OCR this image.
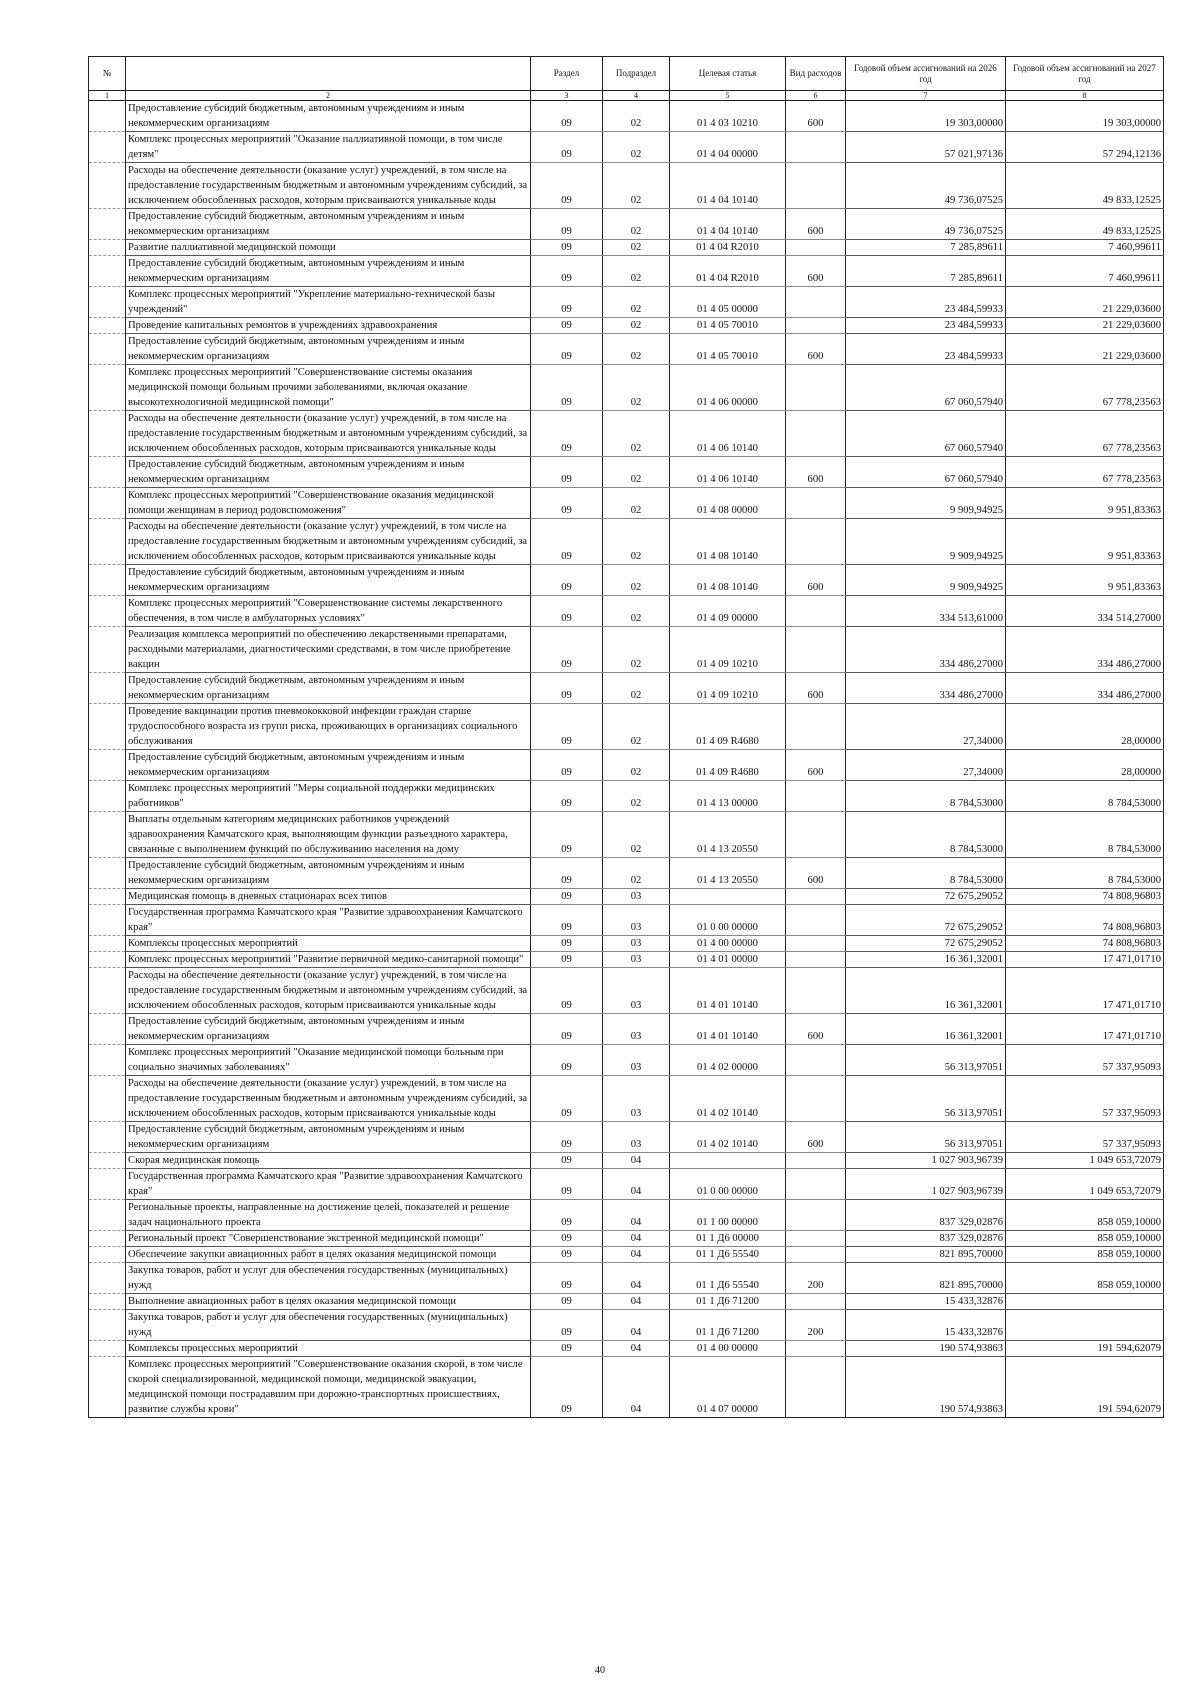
№		Раздел	Подраздел	Целевая статья	Вид расходов	Годовой объем ассигнований на 2026 год	Годовой объем ассигнований на 2027 год
1	2	3	4	5	6	7	8
	Предоставление субсидий бюджетным, автономным учреждениям и иным некоммерческим организациям	09	02	01 4 03 10210	600	19 303,00000	19 303,00000
	Комплекс процессных мероприятий "Оказание паллиативной помощи, в том числе детям"	09	02	01 4 04 00000		57 021,97136	57 294,12136
	Расходы на обеспечение деятельности (оказание услуг) учреждений, в том числе на предоставление государственным бюджетным и автономным учреждениям субсидий, за исключением обособленных расходов, которым присваиваются уникальные коды	09	02	01 4 04 10140		49 736,07525	49 833,12525
	Предоставление субсидий бюджетным, автономным учреждениям и иным некоммерческим организациям	09	02	01 4 04 10140	600	49 736,07525	49 833,12525
	Развитие паллиативной медицинской помощи	09	02	01 4 04 R2010		7 285,89611	7 460,99611
	Предоставление субсидий бюджетным, автономным учреждениям и иным некоммерческим организациям	09	02	01 4 04 R2010	600	7 285,89611	7 460,99611
	Комплекс процессных мероприятий "Укрепление материально-технической базы учреждений"	09	02	01 4 05 00000		23 484,59933	21 229,03600
	Проведение капитальных ремонтов в учреждениях здравоохранения	09	02	01 4 05 70010		23 484,59933	21 229,03600
	Предоставление субсидий бюджетным, автономным учреждениям и иным некоммерческим организациям	09	02	01 4 05 70010	600	23 484,59933	21 229,03600
	Комплекс процессных мероприятий "Совершенствование системы оказания медицинской помощи больным прочими заболеваниями, включая оказание высокотехнологичной медицинской помощи"	09	02	01 4 06 00000		67 060,57940	67 778,23563
	Расходы на обеспечение деятельности (оказание услуг) учреждений, в том числе на предоставление государственным бюджетным и автономным учреждениям субсидий, за исключением обособленных расходов, которым присваиваются уникальные коды	09	02	01 4 06 10140		67 060,57940	67 778,23563
	Предоставление субсидий бюджетным, автономным учреждениям и иным некоммерческим организациям	09	02	01 4 06 10140	600	67 060,57940	67 778,23563
	Комплекс процессных мероприятий "Совершенствование оказания медицинской помощи женщинам в период родовспоможения"	09	02	01 4 08 00000		9 909,94925	9 951,83363
	Расходы на обеспечение деятельности (оказание услуг) учреждений, в том числе на предоставление государственным бюджетным и автономным учреждениям субсидий, за исключением обособленных расходов, которым присваиваются уникальные коды	09	02	01 4 08 10140		9 909,94925	9 951,83363
	Предоставление субсидий бюджетным, автономным учреждениям и иным некоммерческим организациям	09	02	01 4 08 10140	600	9 909,94925	9 951,83363
	Комплекс процессных мероприятий "Совершенствование системы лекарственного обеспечения, в том числе в амбулаторных условиях"	09	02	01 4 09 00000		334 513,61000	334 514,27000
	Реализация комплекса мероприятий по обеспечению лекарственными препаратами, расходными материалами, диагностическими средствами, в том числе приобретение вакцин	09	02	01 4 09 10210		334 486,27000	334 486,27000
	Предоставление субсидий бюджетным, автономным учреждениям и иным некоммерческим организациям	09	02	01 4 09 10210	600	334 486,27000	334 486,27000
	Проведение вакцинации против пневмококковой инфекции граждан старше трудоспособного возраста из групп риска, проживающих в организациях социального обслуживания	09	02	01 4 09 R4680		27,34000	28,00000
	Предоставление субсидий бюджетным, автономным учреждениям и иным некоммерческим организациям	09	02	01 4 09 R4680	600	27,34000	28,00000
	Комплекс процессных мероприятий "Меры социальной поддержки медицинских работников"	09	02	01 4 13 00000		8 784,53000	8 784,53000
	Выплаты отдельным категориям медицинских работников учреждений здравоохранения Камчатского края, выполняющим функции разъездного характера, связанные с выполнением функций по обслуживанию населения на дому	09	02	01 4 13 20550		8 784,53000	8 784,53000
	Предоставление субсидий бюджетным, автономным учреждениям и иным некоммерческим организациям	09	02	01 4 13 20550	600	8 784,53000	8 784,53000
	Медицинская помощь в дневных стационарах всех типов	09	03			72 675,29052	74 808,96803
	Государственная программа Камчатского края "Развитие здравоохранения Камчатского края"	09	03	01 0 00 00000		72 675,29052	74 808,96803
	Комплексы процессных мероприятий	09	03	01 4 00 00000		72 675,29052	74 808,96803
	Комплекс процессных мероприятий "Развитие первичной медико-санитарной помощи"	09	03	01 4 01 00000		16 361,32001	17 471,01710
	Расходы на обеспечение деятельности (оказание услуг) учреждений, в том числе на предоставление государственным бюджетным и автономным учреждениям субсидий, за исключением обособленных расходов, которым присваиваются уникальные коды	09	03	01 4 01 10140		16 361,32001	17 471,01710
	Предоставление субсидий бюджетным, автономным учреждениям и иным некоммерческим организациям	09	03	01 4 01 10140	600	16 361,32001	17 471,01710
	Комплекс процессных мероприятий "Оказание медицинской помощи больным при социально значимых заболеваниях"	09	03	01 4 02 00000		56 313,97051	57 337,95093
	Расходы на обеспечение деятельности (оказание услуг) учреждений, в том числе на предоставление государственным бюджетным и автономным учреждениям субсидий, за исключением обособленных расходов, которым присваиваются уникальные коды	09	03	01 4 02 10140		56 313,97051	57 337,95093
	Предоставление субсидий бюджетным, автономным учреждениям и иным некоммерческим организациям	09	03	01 4 02 10140	600	56 313,97051	57 337,95093
	Скорая медицинская помощь	09	04			1 027 903,96739	1 049 653,72079
	Государственная программа Камчатского края "Развитие здравоохранения Камчатского края"	09	04	01 0 00 00000		1 027 903,96739	1 049 653,72079
	Региональные проекты, направленные на достижение целей, показателей и решение задач национального проекта	09	04	01 1 00 00000		837 329,02876	858 059,10000
	Региональный проект "Совершенствование экстренной медицинской помощи"	09	04	01 1 Д6 00000		837 329,02876	858 059,10000
	Обеспечение закупки авиационных работ в целях оказания медицинской помощи	09	04	01 1 Д6 55540		821 895,70000	858 059,10000
	Закупка товаров, работ и услуг для обеспечения государственных (муниципальных) нужд	09	04	01 1 Д6 55540	200	821 895,70000	858 059,10000
	Выполнение авиационных работ в целях оказания медицинской помощи	09	04	01 1 Д6 71200		15 433,32876	
	Закупка товаров, работ и услуг для обеспечения государственных (муниципальных) нужд	09	04	01 1 Д6 71200	200	15 433,32876	
	Комплексы процессных мероприятий	09	04	01 4 00 00000		190 574,93863	191 594,62079
	Комплекс процессных мероприятий "Совершенствование оказания скорой, в том числе скорой специализированной, медицинской помощи, медицинской эвакуации, медицинской помощи пострадавшим при дорожно-транспортных происшествиях, развитие службы крови"	09	04	01 4 07 00000		190 574,93863	191 594,62079
40
